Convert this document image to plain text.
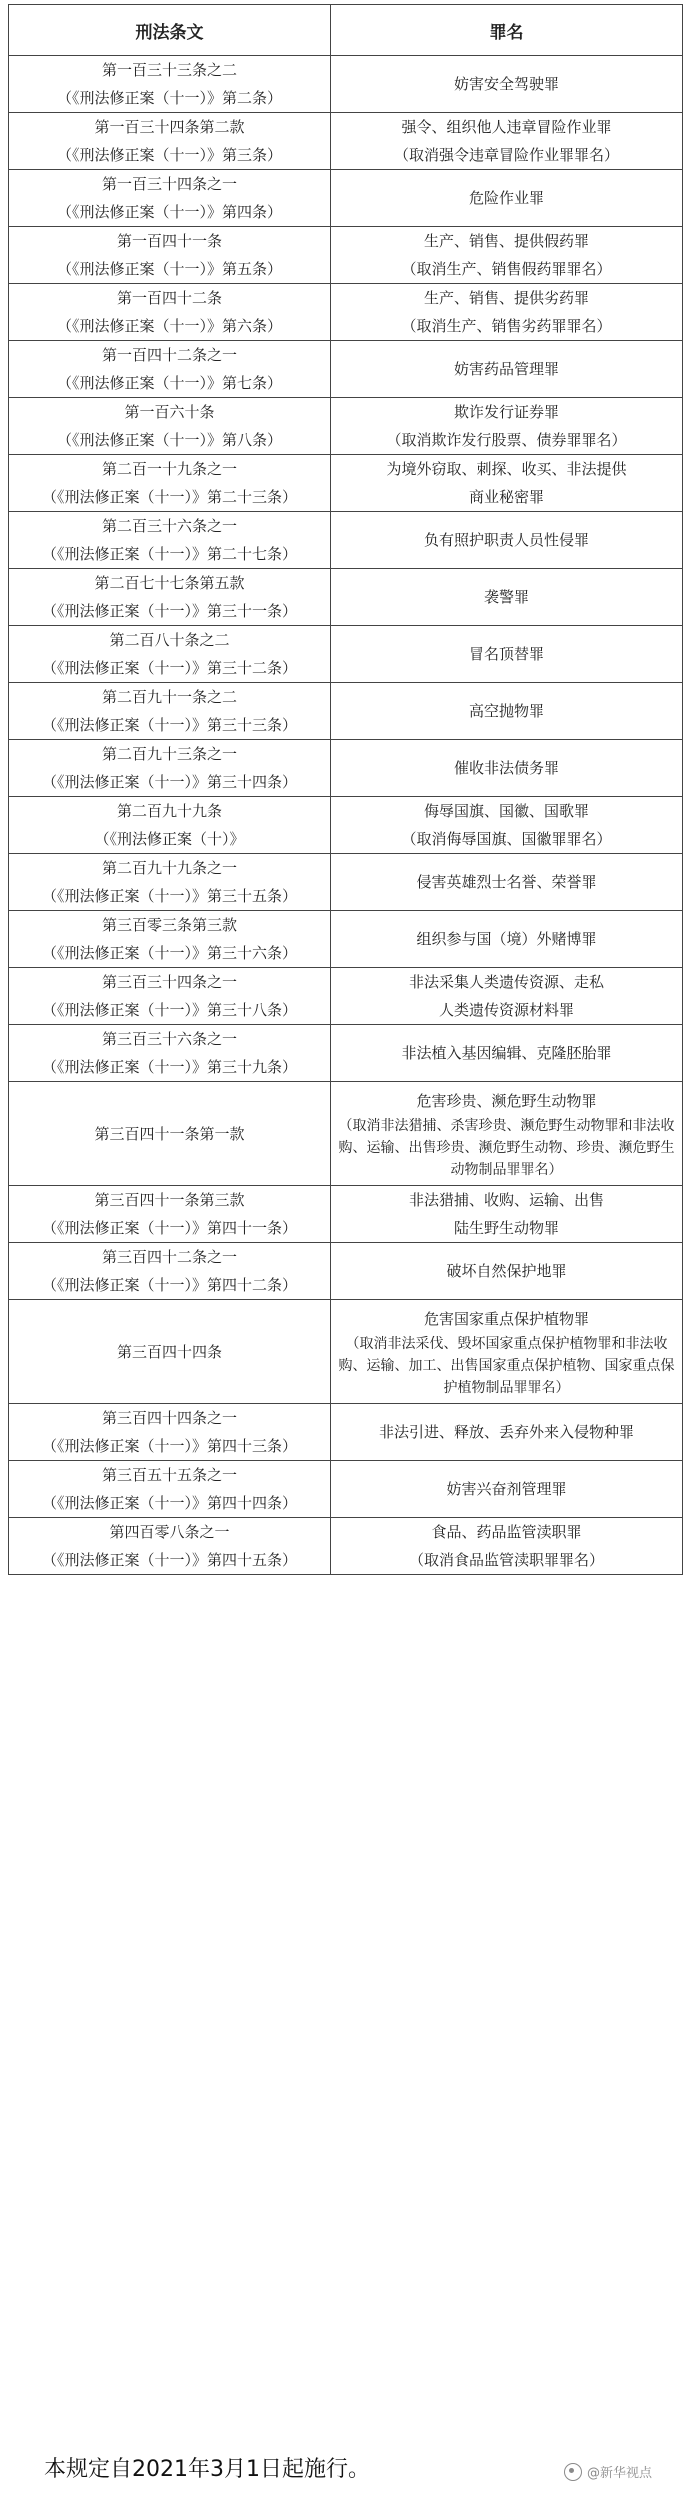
刑法条文	罪名

第一百三十三条之二
（《刑法修正案（十一）》第二条）	妨害安全驾驶罪

第一百三十四条第二款
（《刑法修正案（十一）》第三条）	强令、组织他人违章冒险作业罪
（取消强令违章冒险作业罪罪名）

第一百三十四条之一
（《刑法修正案（十一）》第四条）	危险作业罪

第一百四十一条
（《刑法修正案（十一）》第五条）	生产、销售、提供假药罪
（取消生产、销售假药罪罪名）

第一百四十二条
（《刑法修正案（十一）》第六条）	生产、销售、提供劣药罪
（取消生产、销售劣药罪罪名）

第一百四十二条之一
（《刑法修正案（十一）》第七条）	妨害药品管理罪

第一百六十条
（《刑法修正案（十一）》第八条）	欺诈发行证券罪
（取消欺诈发行股票、债券罪罪名）

第二百一十九条之一
（《刑法修正案（十一）》第二十三条）	为境外窃取、刺探、收买、非法提供
商业秘密罪

第二百三十六条之一
（《刑法修正案（十一）》第二十七条）	负有照护职责人员性侵罪

第二百七十七条第五款
（《刑法修正案（十一）》第三十一条）	袭警罪

第二百八十条之二
（《刑法修正案（十一）》第三十二条）	冒名顶替罪

第二百九十一条之二
（《刑法修正案（十一）》第三十三条）	高空抛物罪

第二百九十三条之一
（《刑法修正案（十一）》第三十四条）	催收非法债务罪

第二百九十九条
（《刑法修正案（十）》	侮辱国旗、国徽、国歌罪
（取消侮辱国旗、国徽罪罪名）

第二百九十九条之一
（《刑法修正案（十一）》第三十五条）	侵害英雄烈士名誉、荣誉罪

第三百零三条第三款
（《刑法修正案（十一）》第三十六条）	组织参与国（境）外赌博罪

第三百三十四条之一
（《刑法修正案（十一）》第三十八条）	非法采集人类遗传资源、走私
人类遗传资源材料罪

第三百三十六条之一
（《刑法修正案（十一）》第三十九条）	非法植入基因编辑、克隆胚胎罪

第三百四十一条第一款	危害珍贵、濒危野生动物罪
（取消非法猎捕、杀害珍贵、濒危野生动物罪和非法收购、运输、出售珍贵、濒危野生动物、珍贵、濒危野生动物制品罪罪名）

第三百四十一条第三款
（《刑法修正案（十一）》第四十一条）	非法猎捕、收购、运输、出售
陆生野生动物罪

第三百四十二条之一
（《刑法修正案（十一）》第四十二条）	破坏自然保护地罪

第三百四十四条	危害国家重点保护植物罪
（取消非法采伐、毁坏国家重点保护植物罪和非法收购、运输、加工、出售国家重点保护植物、国家重点保护植物制品罪罪名）

第三百四十四条之一
（《刑法修正案（十一）》第四十三条）	非法引进、释放、丢弃外来入侵物种罪

第三百五十五条之一
（《刑法修正案（十一）》第四十四条）	妨害兴奋剂管理罪

第四百零八条之一
（《刑法修正案（十一）》第四十五条）	食品、药品监管渎职罪
（取消食品监管渎职罪罪名）
本规定自2021年3月1日起施行。	@新华视点
